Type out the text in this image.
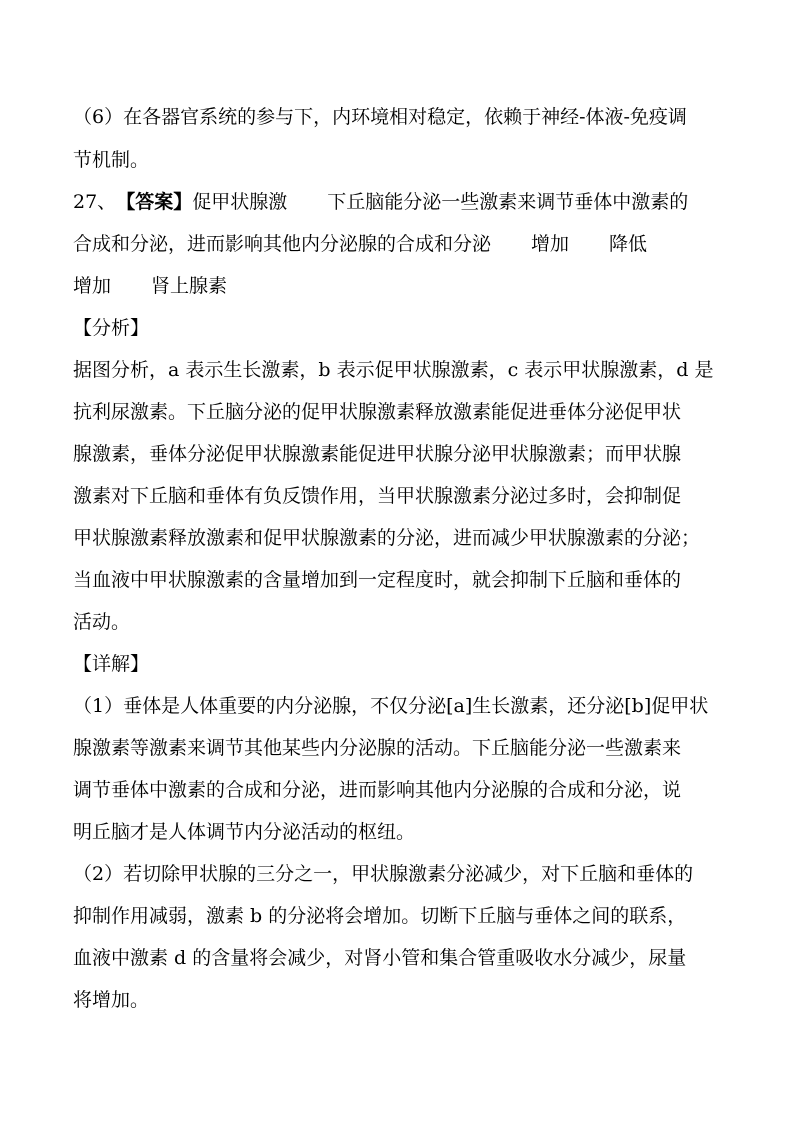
（6）在各器官系统的参与下，内环境相对稳定，依赖于神经-体液-免疫调
节机制。
27、【答案】促甲状腺激 下丘脑能分泌一些激素来调节垂体中激素的
合成和分泌，进而影响其他内分泌腺的合成和分泌 增加 降低
增加 肾上腺素
【分析】
据图分析，a 表示生长激素，b 表示促甲状腺激素，c 表示甲状腺激素，d 是
抗利尿激素。下丘脑分泌的促甲状腺激素释放激素能促进垂体分泌促甲状
腺激素，垂体分泌促甲状腺激素能促进甲状腺分泌甲状腺激素；而甲状腺
激素对下丘脑和垂体有负反馈作用，当甲状腺激素分泌过多时，会抑制促
甲状腺激素释放激素和促甲状腺激素的分泌，进而减少甲状腺激素的分泌；
当血液中甲状腺激素的含量增加到一定程度时，就会抑制下丘脑和垂体的
活动。
【详解】
（1）垂体是人体重要的内分泌腺，不仅分泌[a]生长激素，还分泌[b]促甲状
腺激素等激素来调节其他某些内分泌腺的活动。下丘脑能分泌一些激素来
调节垂体中激素的合成和分泌，进而影响其他内分泌腺的合成和分泌，说
明丘脑才是人体调节内分泌活动的枢纽。
（2）若切除甲状腺的三分之一，甲状腺激素分泌减少，对下丘脑和垂体的
抑制作用减弱，激素 b 的分泌将会增加。切断下丘脑与垂体之间的联系，
血液中激素 d 的含量将会减少，对肾小管和集合管重吸收水分减少，尿量
将增加。
